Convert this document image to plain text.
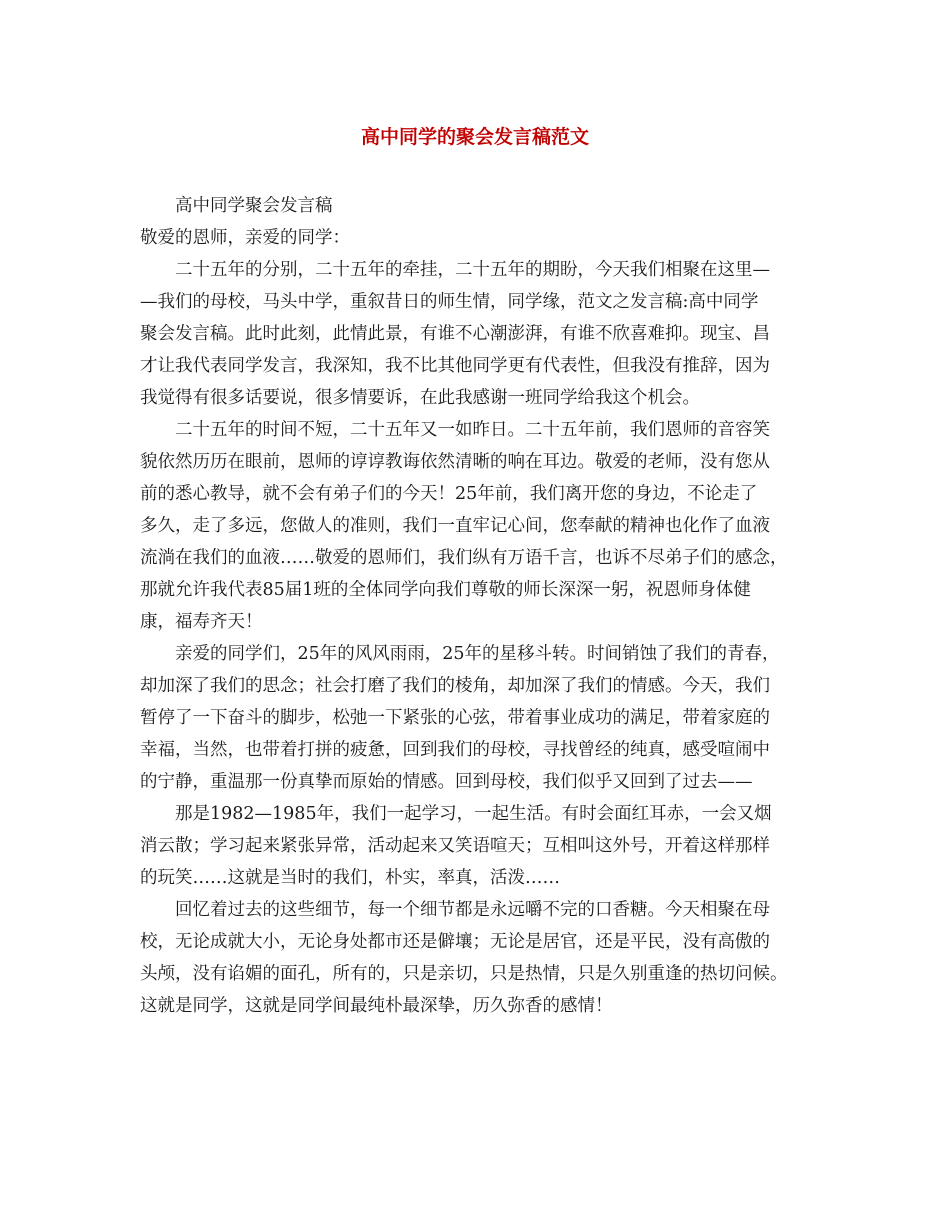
高中同学的聚会发言稿范文
高中同学聚会发言稿
敬爱的恩师，亲爱的同学：
二十五年的分别，二十五年的牵挂，二十五年的期盼，今天我们相聚在这里—
—我们的母校，马头中学，重叙昔日的师生情，同学缘，范文之发言稿:高中同学
聚会发言稿。此时此刻，此情此景，有谁不心潮澎湃，有谁不欣喜难抑。现宝、昌
才让我代表同学发言，我深知，我不比其他同学更有代表性，但我没有推辞，因为
我觉得有很多话要说，很多情要诉，在此我感谢一班同学给我这个机会。
二十五年的时间不短，二十五年又一如昨日。二十五年前，我们恩师的音容笑
貌依然历历在眼前，恩师的谆谆教诲依然清晰的响在耳边。敬爱的老师，没有您从
前的悉心教导，就不会有弟子们的今天！25年前，我们离开您的身边，不论走了
多久，走了多远，您做人的准则，我们一直牢记心间，您奉献的精神也化作了血液
流淌在我们的血液……敬爱的恩师们，我们纵有万语千言，也诉不尽弟子们的感念，
那就允许我代表85届1班的全体同学向我们尊敬的师长深深一躬，祝恩师身体健
康，福寿齐天！
亲爱的同学们，25年的风风雨雨，25年的星移斗转。时间销蚀了我们的青春，
却加深了我们的思念；社会打磨了我们的棱角，却加深了我们的情感。今天，我们
暂停了一下奋斗的脚步，松弛一下紧张的心弦，带着事业成功的满足，带着家庭的
幸福，当然，也带着打拼的疲惫，回到我们的母校，寻找曾经的纯真，感受喧闹中
的宁静，重温那一份真挚而原始的情感。回到母校，我们似乎又回到了过去——
那是1982—1985年，我们一起学习，一起生活。有时会面红耳赤，一会又烟
消云散；学习起来紧张异常，活动起来又笑语喧天；互相叫这外号，开着这样那样
的玩笑……这就是当时的我们，朴实，率真，活泼……
回忆着过去的这些细节，每一个细节都是永远嚼不完的口香糖。今天相聚在母
校，无论成就大小，无论身处都市还是僻壤；无论是居官，还是平民，没有高傲的
头颅，没有谄媚的面孔，所有的，只是亲切，只是热情，只是久别重逢的热切问候。
这就是同学，这就是同学间最纯朴最深挚，历久弥香的感情！
